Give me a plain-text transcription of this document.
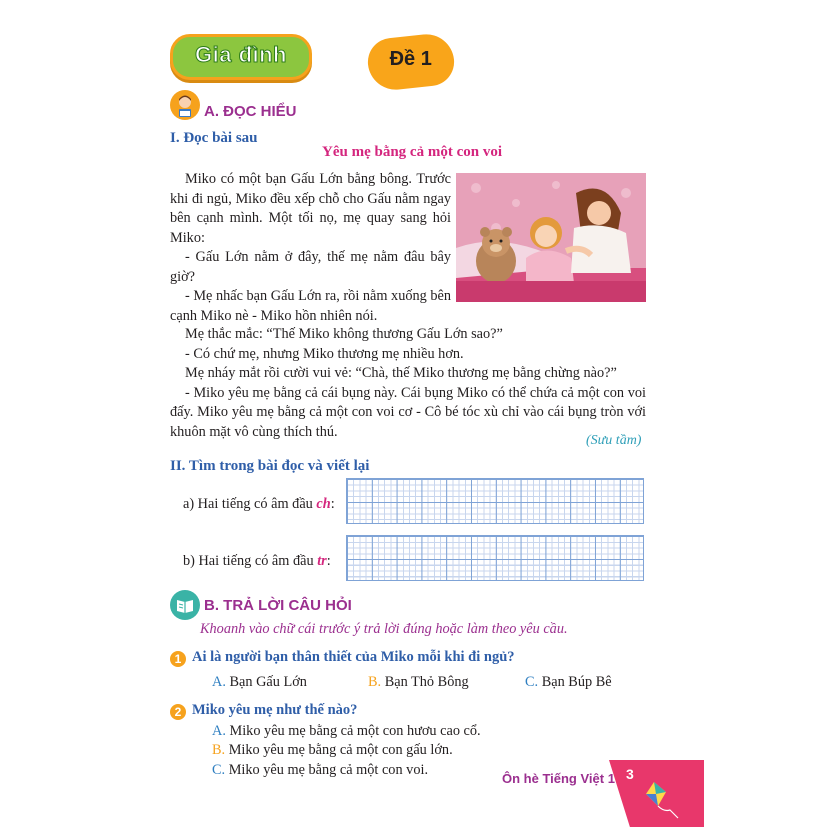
Gia đình	Đề 1
A. ĐỌC HIỂU
I. Đọc bài sau
Yêu mẹ bằng cả một con voi

Miko có một bạn Gấu Lớn bằng bông. Trước khi đi ngủ, Miko đều xếp chỗ cho Gấu nằm ngay bên cạnh mình. Một tối nọ, mẹ quay sang hỏi Miko:

- Gấu Lớn nằm ở đây, thế mẹ nằm đâu bây giờ?

- Mẹ nhấc bạn Gấu Lớn ra, rồi nằm xuống bên cạnh Miko nè - Miko hồn nhiên nói.

Mẹ thắc mắc: “Thế Miko không thương Gấu Lớn sao?”

- Có chứ mẹ, nhưng Miko thương mẹ nhiều hơn.

Mẹ nháy mắt rồi cười vui vẻ: “Chà, thế Miko thương mẹ bằng chừng nào?”

- Miko yêu mẹ bằng cả cái bụng này. Cái bụng Miko có thể chứa cả một con voi đấy. Miko yêu mẹ bằng cả một con voi cơ - Cô bé tóc xù chỉ vào cái bụng tròn với khuôn mặt vô cùng thích thú.

(Sưu tầm)
II. Tìm trong bài đọc và viết lại
a) Hai tiếng có âm đầu ch:
b) Hai tiếng có âm đầu tr:
B. TRẢ LỜI CÂU HỎI
Khoanh vào chữ cái trước ý trả lời đúng hoặc làm theo yêu cầu.
1 Ai là người bạn thân thiết của Miko mỗi khi đi ngủ?
A. Bạn Gấu Lớn	B. Bạn Thỏ Bông	C. Bạn Búp Bê
2 Miko yêu mẹ như thế nào?
A. Miko yêu mẹ bằng cả một con hươu cao cổ.
B. Miko yêu mẹ bằng cả một con gấu lớn.
C. Miko yêu mẹ bằng cả một con voi.
Ôn hè Tiếng Việt 1 3
